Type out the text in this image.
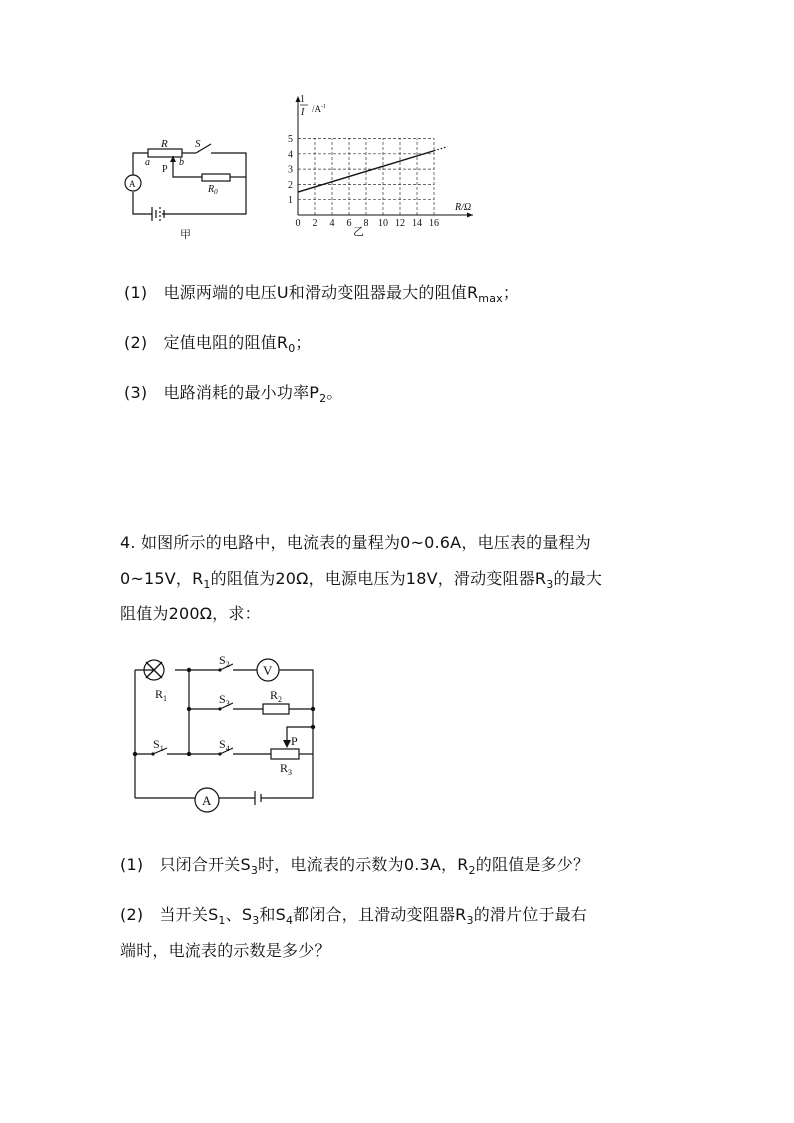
R S
a
P
b
$R_0$
A
甲
0 2 4 6 8 10 12 14 16
1
2
3
4
5
1
I $/A^{-1}$
R/Ω
乙
(1)　电源两端的电压U和滑动变阻器最大的阻值$R_{max}$；
(2)　定值电阻的阻值$R_0$；
(3)　电路消耗的最小功率$P_2$。
4. 如图所示的电路中，电流表的量程为0~0.6A，电压表的量程为
0~15V，$R_1$的阻值为20Ω，电源电压为18V，滑动变阻器$R_3$的最大
阻值为200Ω，求：
$R_1$
$S_2$	V
$S_3$
$R_2$
$S_1$	$S_4$
P
$R_3$
A
(1)　只闭合开关$S_3$时，电流表的示数为0.3A，$R_2$的阻值是多少？
(2)　当开关$S_1$、$S_3$和$S_4$都闭合，且滑动变阻器$R_3$的滑片位于最右
端时，电流表的示数是多少？
